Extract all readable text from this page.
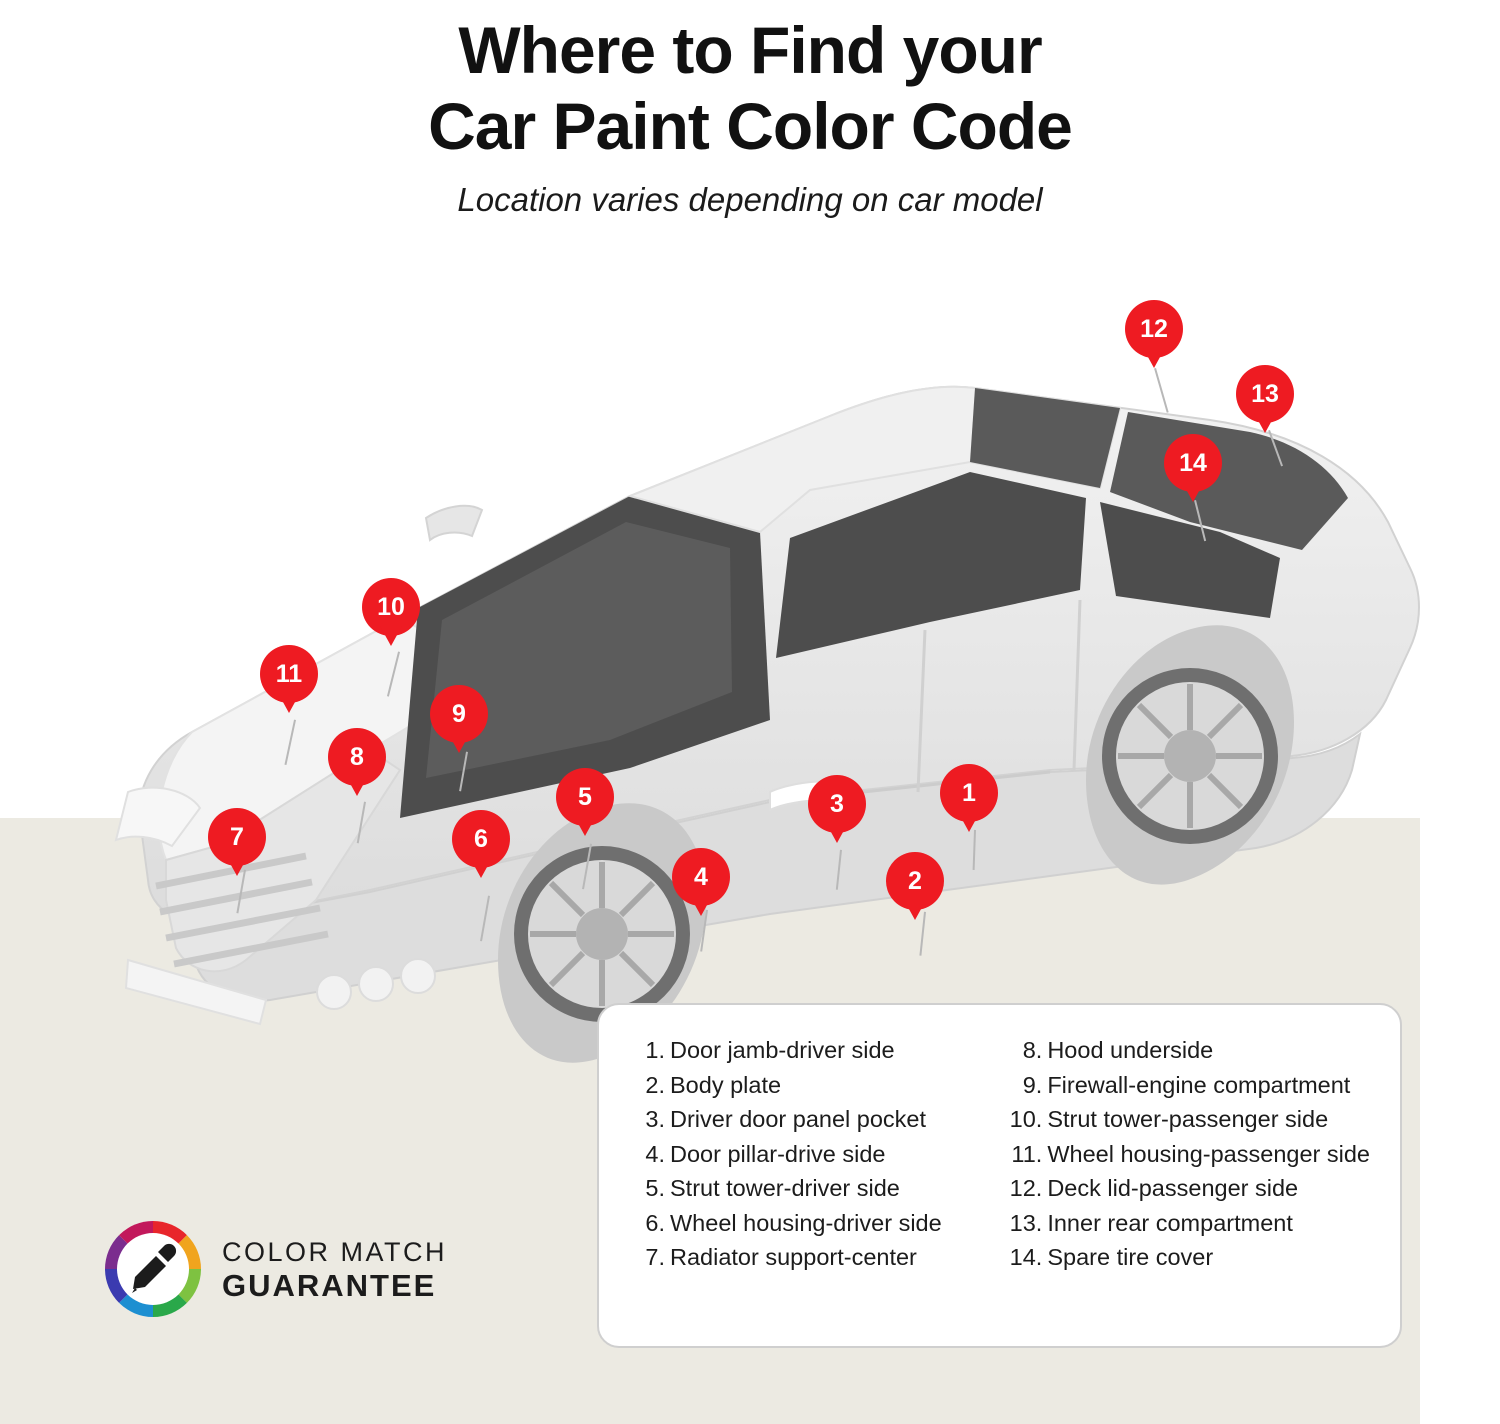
Where to Find your
Car Paint Color Code
Location varies depending on car model
12
13
14
10
11
9
8
5	1
3
7	6
4	2
1. Door jamb-driver side
2. Body plate
3. Driver door panel pocket
4. Door pillar-drive side
5. Strut tower-driver side
6. Wheel housing-driver side
7. Radiator support-center
8. Hood underside
9. Firewall-engine compartment
10. Strut tower-passenger side
11. Wheel housing-passenger side
12. Deck lid-passenger side
13. Inner rear compartment
14. Spare tire cover
COLOR MATCH
GUARANTEE
